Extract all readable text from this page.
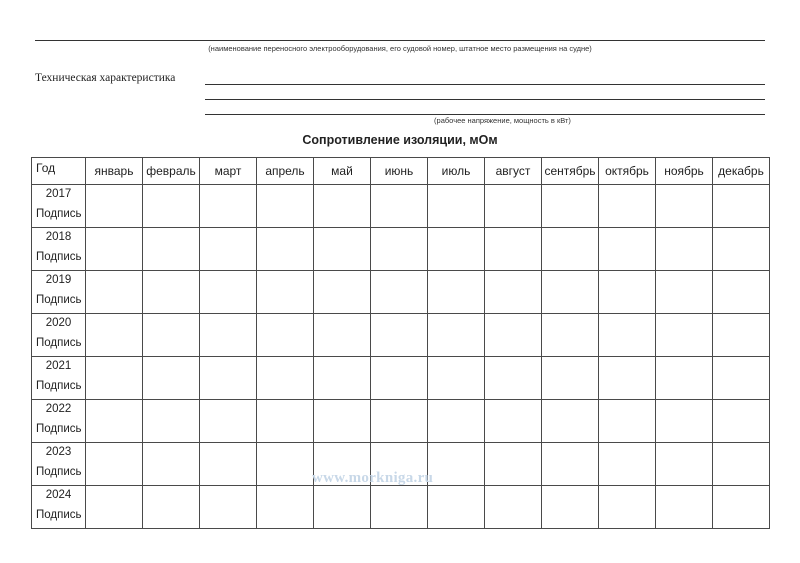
(наименование переносного электрооборудования, его судовой номер, штатное место размещения на судне)
Техническая характеристика
(рабочее напряжение, мощность в кВт)
Сопротивление изоляции, мОм
Год	январь	февраль	март	апрель	май	июнь	июль	август	сентябрь	октябрь	ноябрь	декабрь

2017
Подпись												

2018
Подпись												

2019
Подпись												

2020
Подпись												

2021
Подпись												

2022
Подпись												

2023
Подпись												

2024
Подпись												

www.morkniga.ru
